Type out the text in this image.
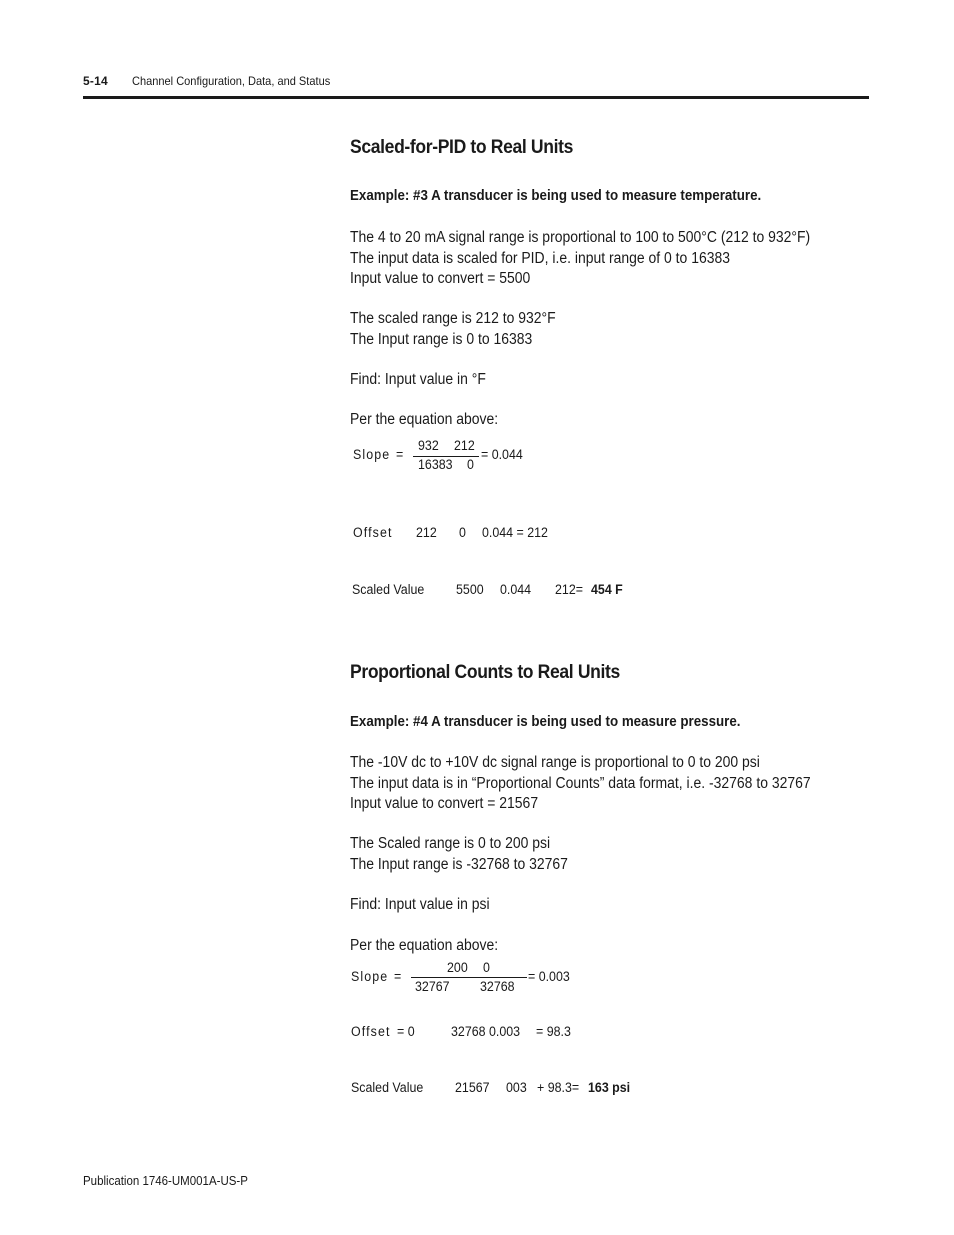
5-14 Channel Configuration, Data, and Status
Scaled-for-PID to Real Units
Example: #3 A transducer is being used to measure temperature.
The 4 to 20 mA signal range is proportional to 100 to 500°C (212 to 932°F)
The input data is scaled for PID, i.e. input range of 0 to 16383
Input value to convert = 5500
The scaled range is 212 to 932°F
The Input range is 0 to 16383
Find: Input value in °F
Per the equation above:
Slope =
932 212
16383 0
= 0.044
Offset 212 0 0.044 = 212
Scaled Value 5500 0.044 212= 454 F
Proportional Counts to Real Units
Example: #4 A transducer is being used to measure pressure.
The -10V dc to +10V dc signal range is proportional to 0 to 200 psi
The input data is in “Proportional Counts” data format, i.e. -32768 to 32767
Input value to convert = 21567
The Scaled range is 0 to 200 psi
The Input range is -32768 to 32767
Find: Input value in psi
Per the equation above:
Slope =
200 0
32767 32768
= 0.003
Offset = 0	32768 0.003 = 98.3
Scaled Value 21567 003 + 98.3= 163 psi
Publication 1746-UM001A-US-P
